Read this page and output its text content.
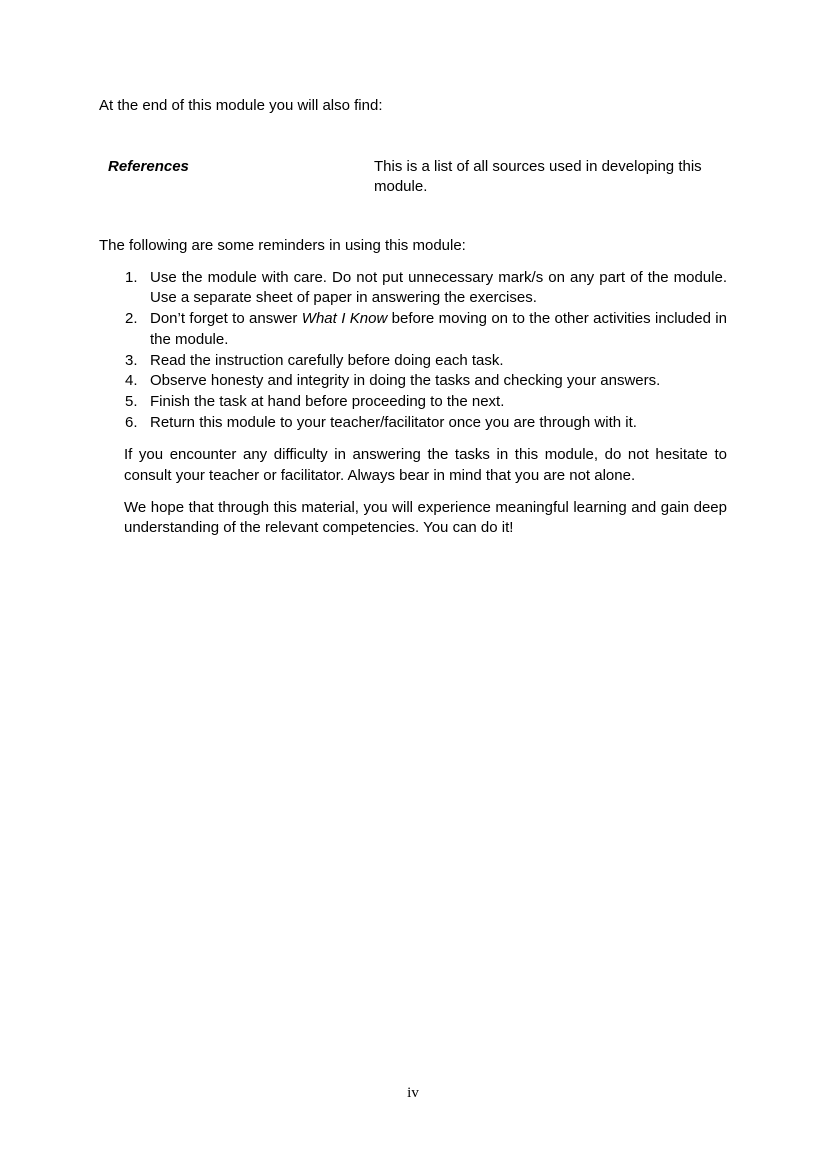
At the end of this module you will also find:

References	This is a list of all sources used in developing this module.

The following are some reminders in using this module:

1. Use the module with care. Do not put unnecessary mark/s on any part of the module. Use a separate sheet of paper in answering the exercises.
2. Don’t forget to answer What I Know before moving on to the other activities included in the module.
3. Read the instruction carefully before doing each task.
4. Observe honesty and integrity in doing the tasks and checking your answers.
5. Finish the task at hand before proceeding to the next.
6. Return this module to your teacher/facilitator once you are through with it.

If you encounter any difficulty in answering the tasks in this module, do not hesitate to consult your teacher or facilitator. Always bear in mind that you are not alone.

We hope that through this material, you will experience meaningful learning and gain deep understanding of the relevant competencies. You can do it!

iv
